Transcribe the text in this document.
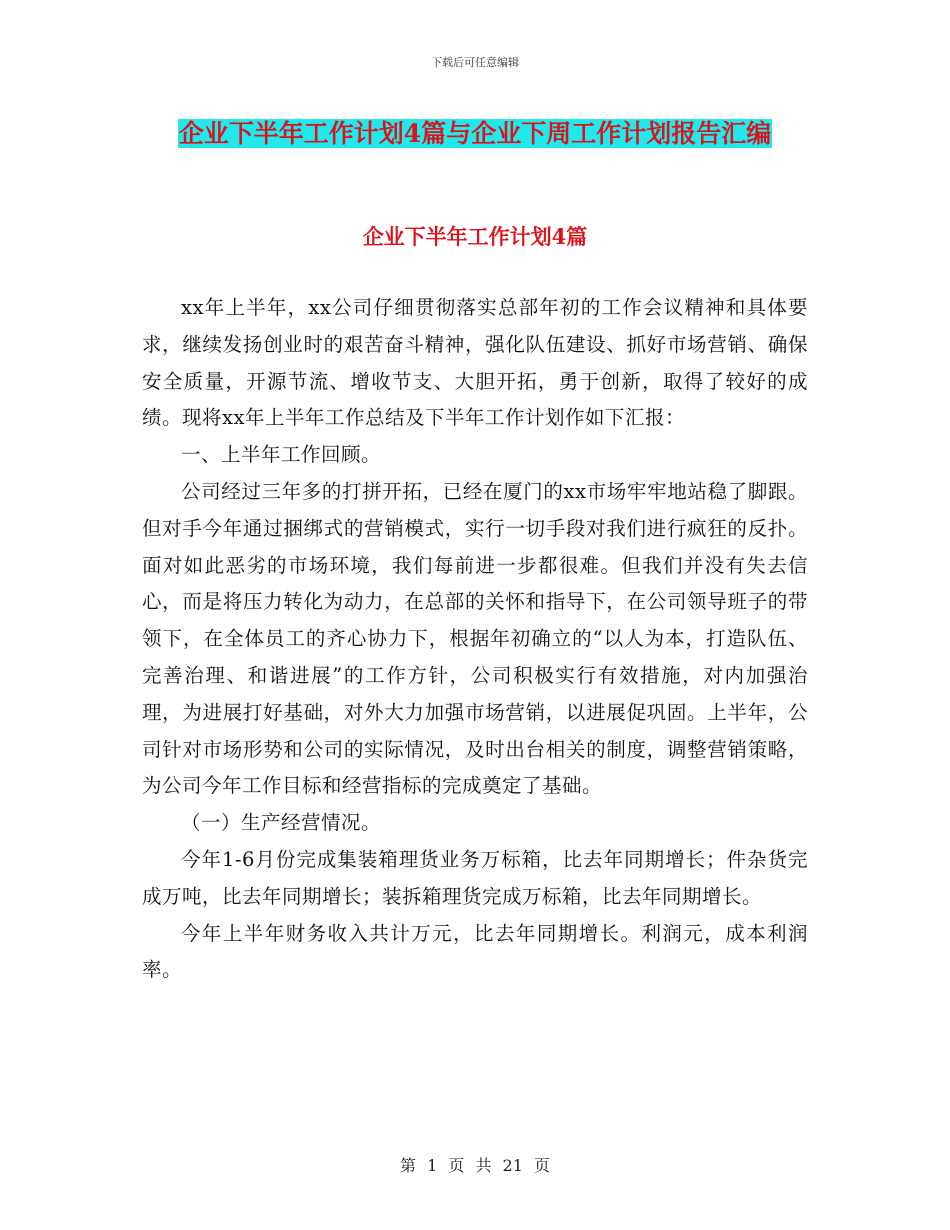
下载后可任意编辑
企业下半年工作计划4篇与企业下周工作计划报告汇编
企业下半年工作计划4篇

xx年上半年，xx公司仔细贯彻落实总部年初的工作会议精神和具体要求，继续发扬创业时的艰苦奋斗精神，强化队伍建设、抓好市场营销、确保安全质量，开源节流、增收节支、大胆开拓，勇于创新，取得了较好的成绩。现将xx年上半年工作总结及下半年工作计划作如下汇报：

一、上半年工作回顾。

公司经过三年多的打拼开拓，已经在厦门的xx市场牢牢地站稳了脚跟。但对手今年通过捆绑式的营销模式，实行一切手段对我们进行疯狂的反扑。面对如此恶劣的市场环境，我们每前进一步都很难。但我们并没有失去信心，而是将压力转化为动力，在总部的关怀和指导下，在公司领导班子的带领下，在全体员工的齐心协力下，根据年初确立的“以人为本，打造队伍、完善治理、和谐进展”的工作方针，公司积极实行有效措施，对内加强治理，为进展打好基础，对外大力加强市场营销，以进展促巩固。上半年，公司针对市场形势和公司的实际情况，及时出台相关的制度，调整营销策略，为公司今年工作目标和经营指标的完成奠定了基础。

（一）生产经营情况。

今年1-6月份完成集装箱理货业务万标箱，比去年同期增长；件杂货完成万吨，比去年同期增长；装拆箱理货完成万标箱，比去年同期增长。

今年上半年财务收入共计万元，比去年同期增长。利润元，成本利润率。

第 1 页 共 21 页
